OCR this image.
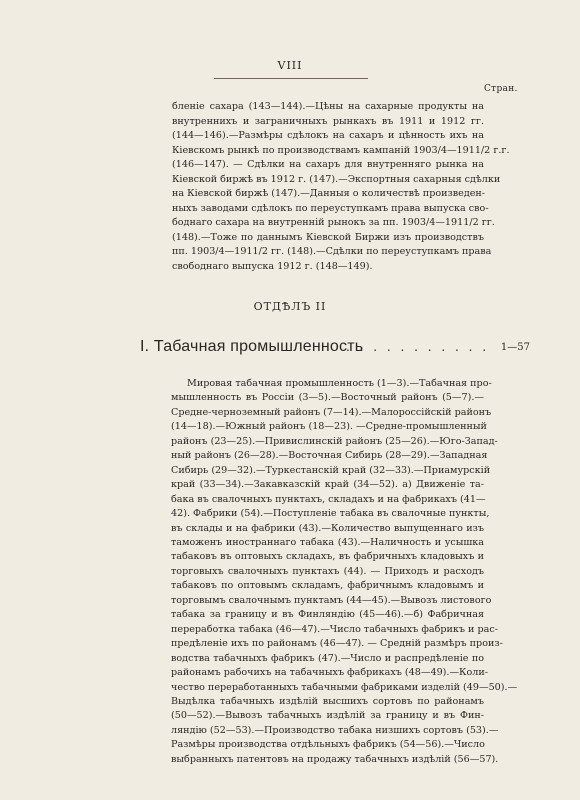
VIII
Стран.
бленіе сахара (143—144).—Цѣны на сахарные продукты на
внутреннихъ и заграничныхъ рынкахъ въ 1911 и 1912 гг.
(144—146).—Размѣры сдѣлокъ на сахаръ и цѣнность ихъ на
Кіевскомъ рынкѣ по производствамъ кампаній 1903/4—1911/2 г.г.
(146—147). — Сдѣлки на сахаръ для внутренняго рынка на
Кіевской биржѣ въ 1912 г. (147).—Экспортныя сахарныя сдѣлки
на Кіевской биржѣ (147).—Данныя о количествѣ произведен-
ныхъ заводами сдѣлокъ по переуступкамъ права выпуска сво-
боднаго сахара на внутренній рынокъ за пп. 1903/4—1911/2 гг.
(148).—Тоже по даннымъ Кіевской Биржи изъ производствъ
пп. 1903/4—1911/2 гг. (148).—Сдѣлки по переуступкамъ права
свободнаго выпуска 1912 г. (148—149).
ОТДѢЛЪ II
I. Табачная промышленность
. . . . . . . . . . . 1—57
Мировая табачная промышленность (1—3).—Табачная про-
мышленность въ Россіи (3—5).—Восточный районъ (5—7).—
Средне-черноземный районъ (7—14).—Малороссійскій районъ
(14—18).—Южный районъ (18—23). —Средне-промышленный
районъ (23—25).—Привислинскій районъ (25—26).—Юго-Запад-
ный районъ (26—28).—Восточная Сибирь (28—29).—Западная
Сибирь (29—32).—Туркестанскій край (32—33).—Приамурскій
край (33—34).—Закавказскій край (34—52). а) Движеніе та-
бака въ свалочныхъ пунктахъ, складахъ и на фабрикахъ (41—
42). Фабрики (54).—Поступленіе табака въ свалочные пункты,
въ склады и на фабрики (43).—Количество выпущеннаго изъ
таможенъ иностраннаго табака (43).—Наличность и усышка
табаковъ въ оптовыхъ складахъ, въ фабричныхъ кладовыхъ и
торговыхъ свалочныхъ пунктахъ (44). — Приходъ и расходъ
табаковъ по оптовымъ складамъ, фабричнымъ кладовымъ и
торговымъ свалочнымъ пунктамъ (44—45).—Вывозъ листового
табака за границу и въ Финляндію (45—46).—б) Фабричная
переработка табака (46—47).—Число табачныхъ фабрикъ и рас-
предѣленіе ихъ по районамъ (46—47). — Средній размѣръ произ-
водства табачныхъ фабрикъ (47).—Число и распредѣленіе по
районамъ рабочихъ на табачныхъ фабрикахъ (48—49).—Коли-
чество переработанныхъ табачными фабриками изделій (49—50).—
Выдѣлка табачныхъ издѣлій высшихъ сортовъ по районамъ
(50—52).—Вывозъ табачныхъ издѣлій за границу и въ Фин-
ляндію (52—53).—Производство табака низшихъ сортовъ (53).—
Размѣры производства отдѣльныхъ фабрикъ (54—56).—Число
выбранныхъ патентовъ на продажу табачныхъ издѣлій (56—57).
